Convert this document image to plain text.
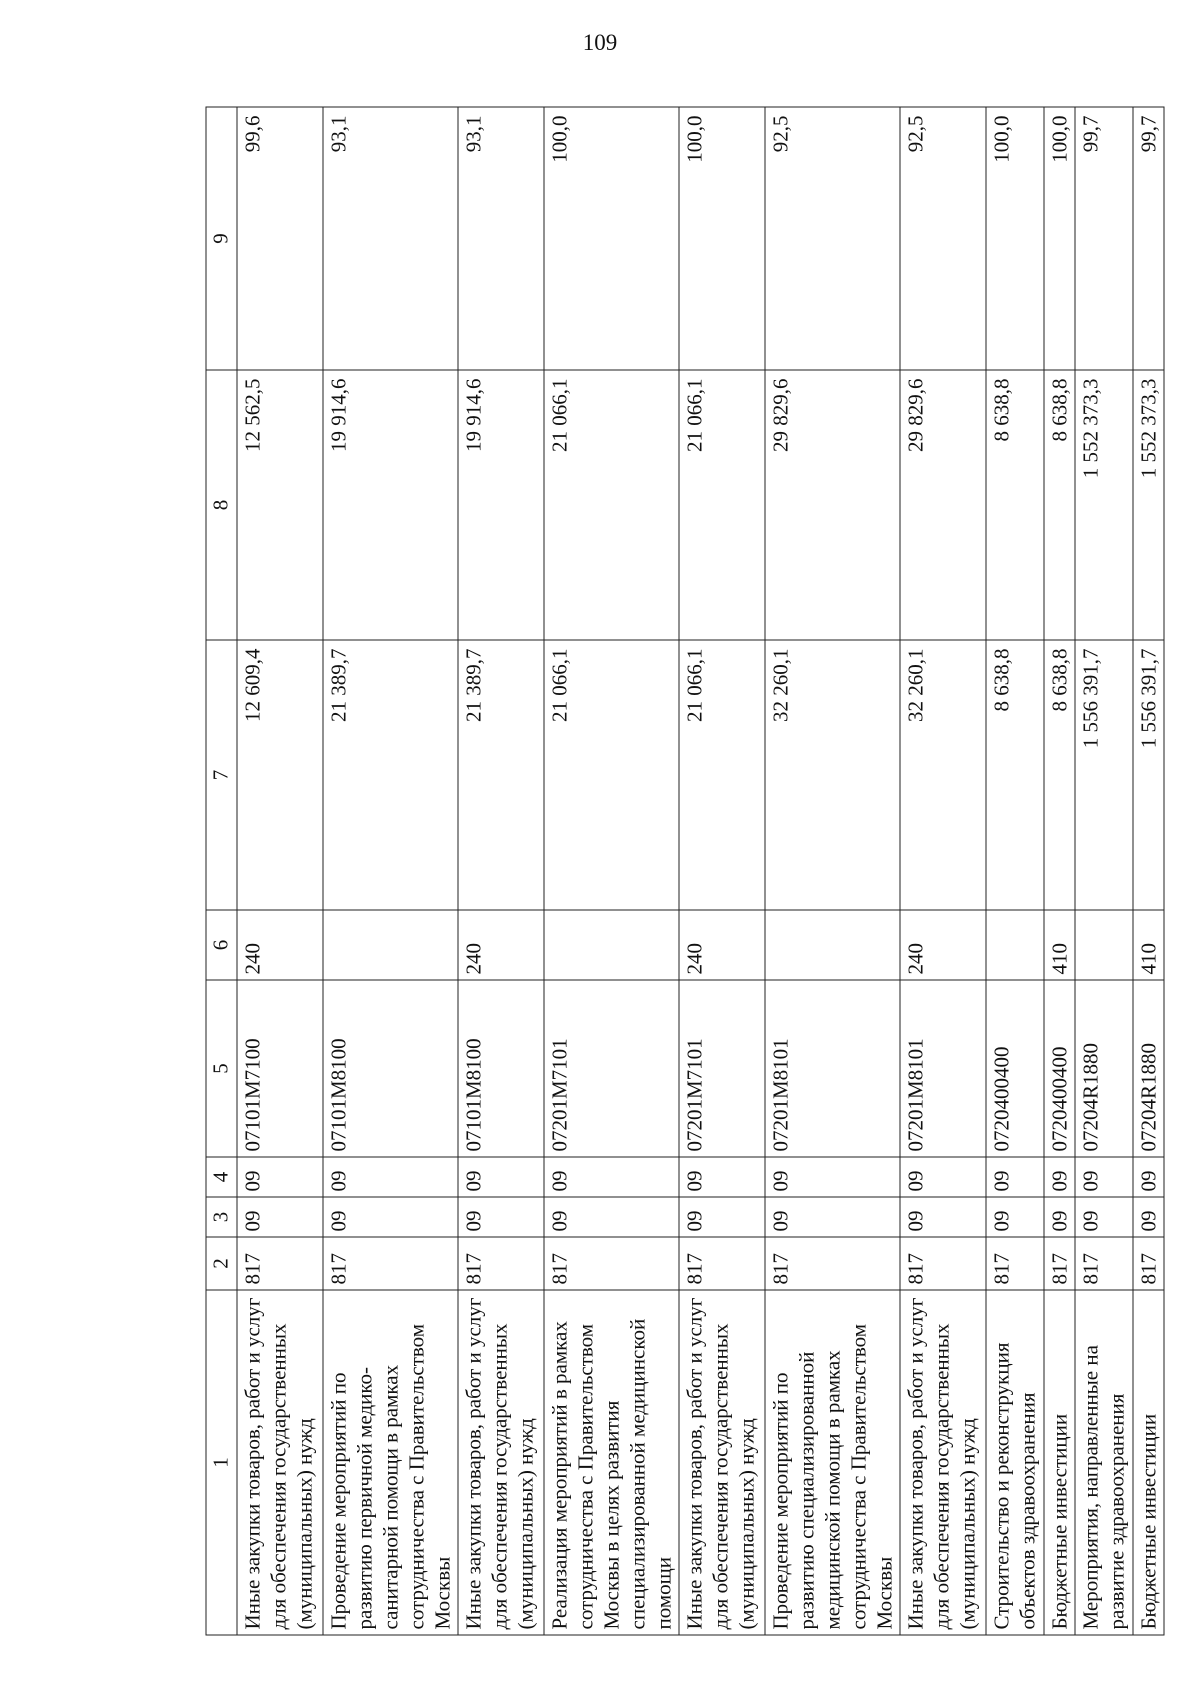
109
1	2	3	4	5	6	7	8	9
Иные закупки товаров, работ и услуг для обеспечения государственных (муниципальных) нужд	817	09	09	07101М7100	240	12 609,4	12 562,5	99,6
Проведение мероприятий по развитию первичной медико-санитарной помощи в рамках сотрудничества с Правительством Москвы	817	09	09	07101М8100		21 389,7	19 914,6	93,1
Иные закупки товаров, работ и услуг для обеспечения государственных (муниципальных) нужд	817	09	09	07101М8100	240	21 389,7	19 914,6	93,1
Реализация мероприятий в рамках сотрудничества с Правительством Москвы в целях развития специализированной медицинской помощи	817	09	09	07201М7101		21 066,1	21 066,1	100,0
Иные закупки товаров, работ и услуг для обеспечения государственных (муниципальных) нужд	817	09	09	07201М7101	240	21 066,1	21 066,1	100,0
Проведение мероприятий по развитию специализированной медицинской помощи в рамках сотрудничества с Правительством Москвы	817	09	09	07201М8101		32 260,1	29 829,6	92,5
Иные закупки товаров, работ и услуг для обеспечения государственных (муниципальных) нужд	817	09	09	07201М8101	240	32 260,1	29 829,6	92,5
Строительство и реконструкция объектов здравоохранения	817	09	09	0720400400		8 638,8	8 638,8	100,0
Бюджетные инвестиции	817	09	09	0720400400	410	8 638,8	8 638,8	100,0
Мероприятия, направленные на развитие здравоохранения	817	09	09	07204R1880		1 556 391,7	1 552 373,3	99,7
Бюджетные инвестиции	817	09	09	07204R1880	410	1 556 391,7	1 552 373,3	99,7
